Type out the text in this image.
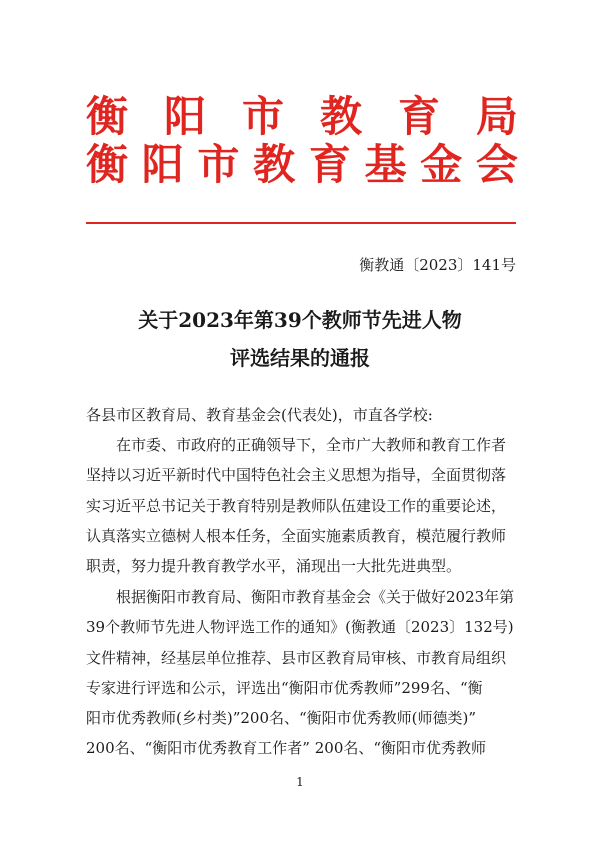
衡 阳 市 教 育 局
衡 阳 市 教 育 基 金 会
衡教通〔2023〕141号
关于2023年第39个教师节先进人物
评选结果的通报
各县市区教育局、教育基金会(代表处)，市直各学校:
在市委、市政府的正确领导下，全市广大教师和教育工作者
坚持以习近平新时代中国特色社会主义思想为指导，全面贯彻落
实习近平总书记关于教育特别是教师队伍建设工作的重要论述，
认真落实立德树人根本任务，全面实施素质教育，模范履行教师
职责，努力提升教育教学水平，涌现出一大批先进典型。
根据衡阳市教育局、衡阳市教育基金会《关于做好2023年第
39个教师节先进人物评选工作的通知》(衡教通〔2023〕132号)
文件精神，经基层单位推荐、县市区教育局审核、市教育局组织
专家进行评选和公示，评选出“衡阳市优秀教师”299名、“衡
阳市优秀教师(乡村类)”200名、“衡阳市优秀教师(师德类)”
200名、“衡阳市优秀教育工作者” 200名、“衡阳市优秀教师
1
